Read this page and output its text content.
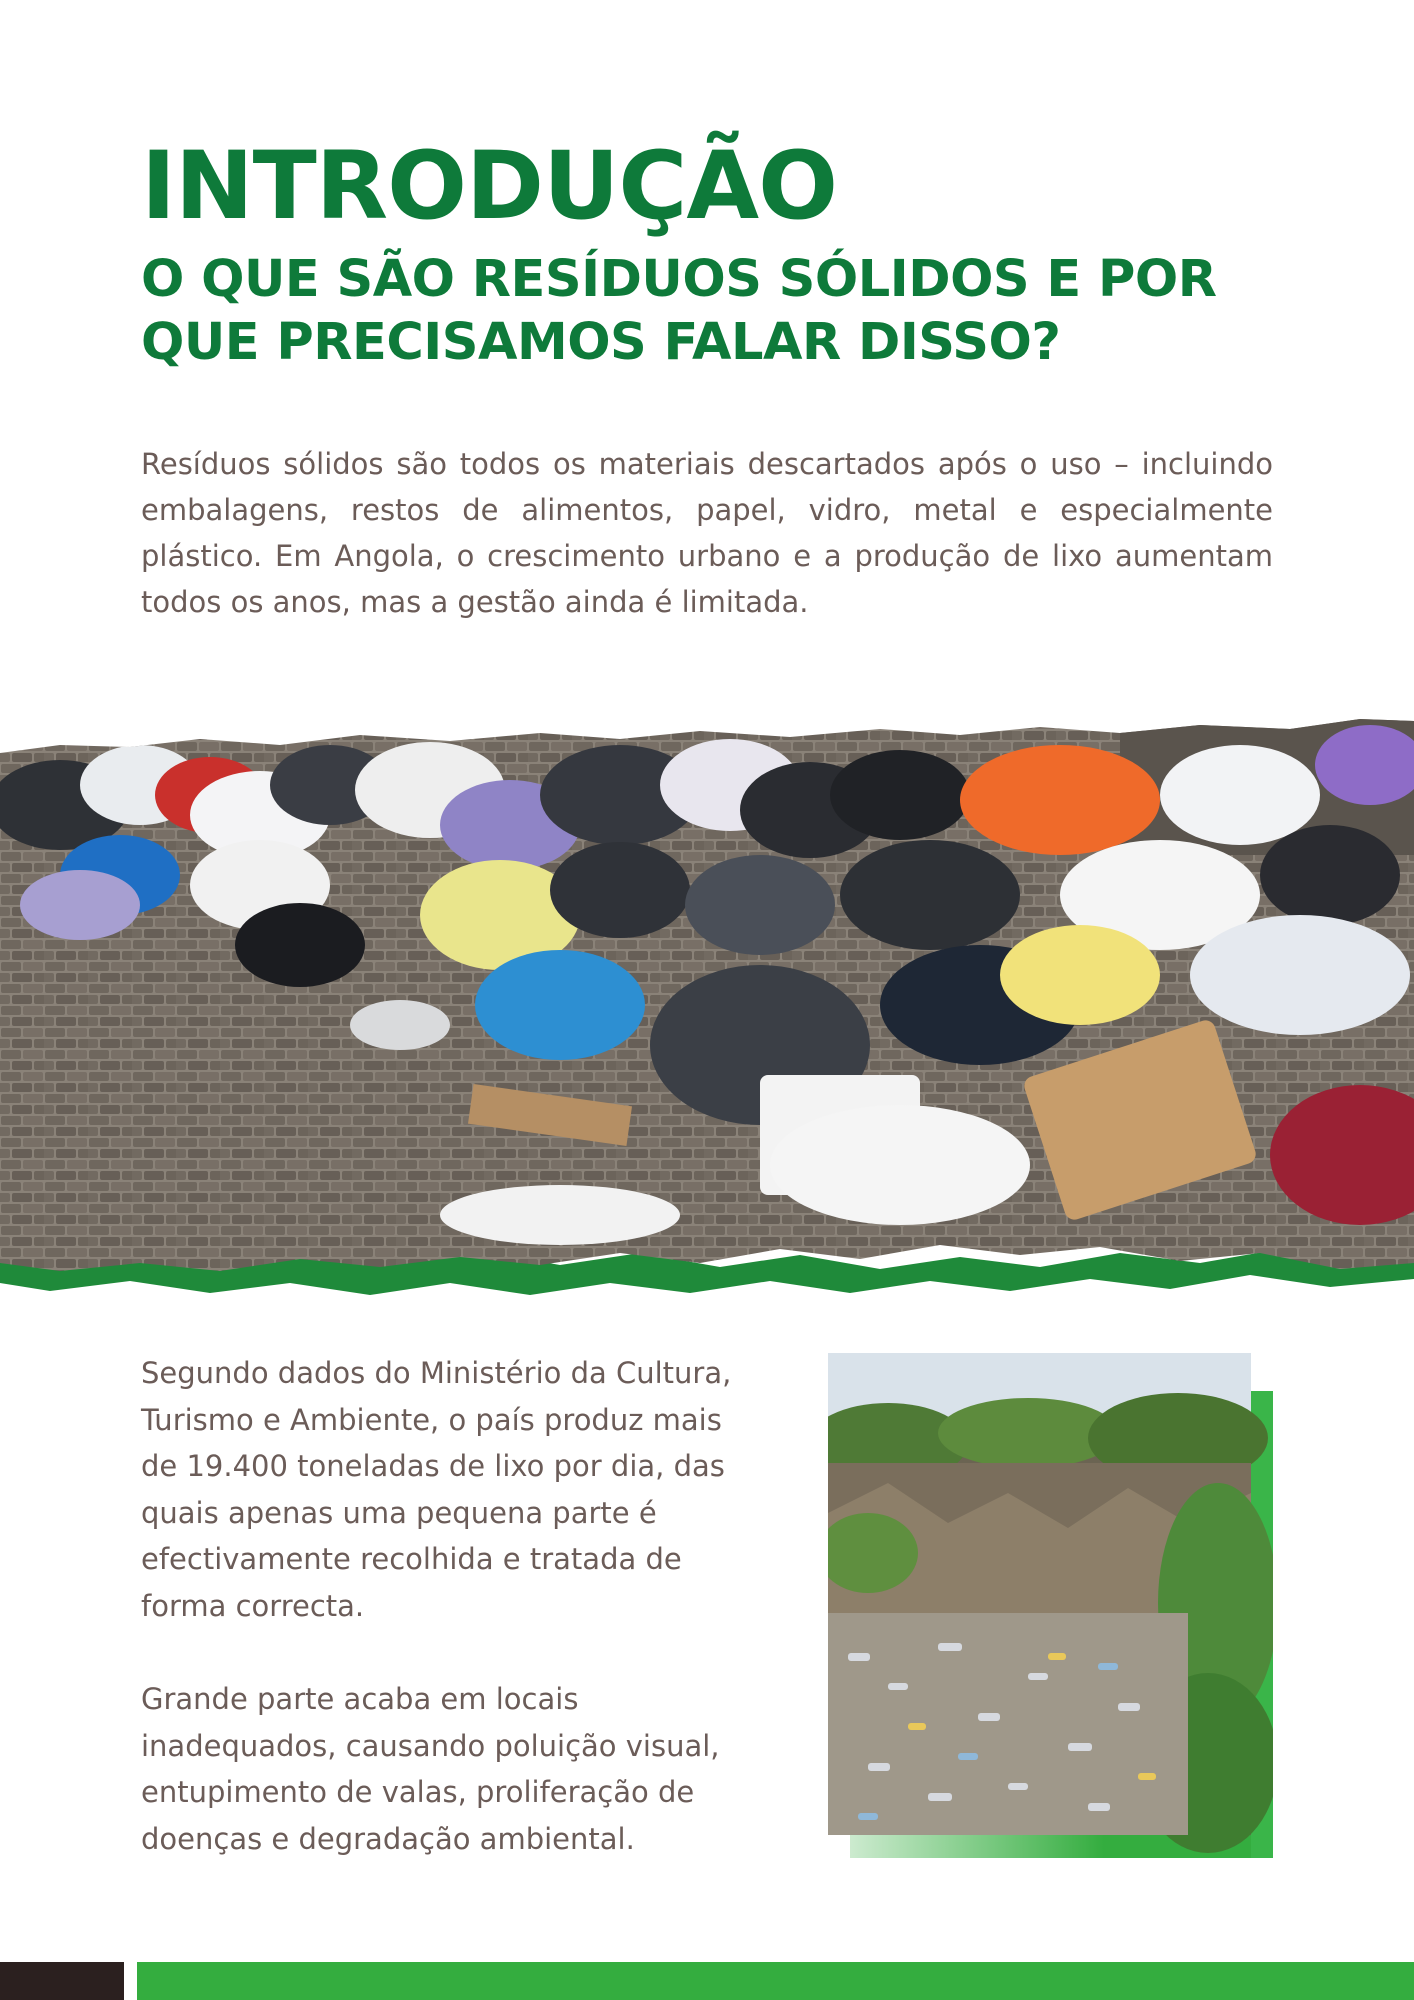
INTRODUÇÃO
O QUE SÃO RESÍDUOS SÓLIDOS E POR QUE PRECISAMOS FALAR DISSO?

Resíduos sólidos são todos os materiais descartados após o uso – incluindo embalagens, restos de alimentos, papel, vidro, metal e especialmente plástico. Em Angola, o crescimento urbano e a produção de lixo aumentam todos os anos, mas a gestão ainda é limitada.

Segundo dados do Ministério da Cultura, Turismo e Ambiente, o país produz mais de 19.400 toneladas de lixo por dia, das quais apenas uma pequena parte é efectivamente recolhida e tratada de forma correcta.

Grande parte acaba em locais inadequados, causando poluição visual, entupimento de valas, proliferação de doenças e degradação ambiental.
